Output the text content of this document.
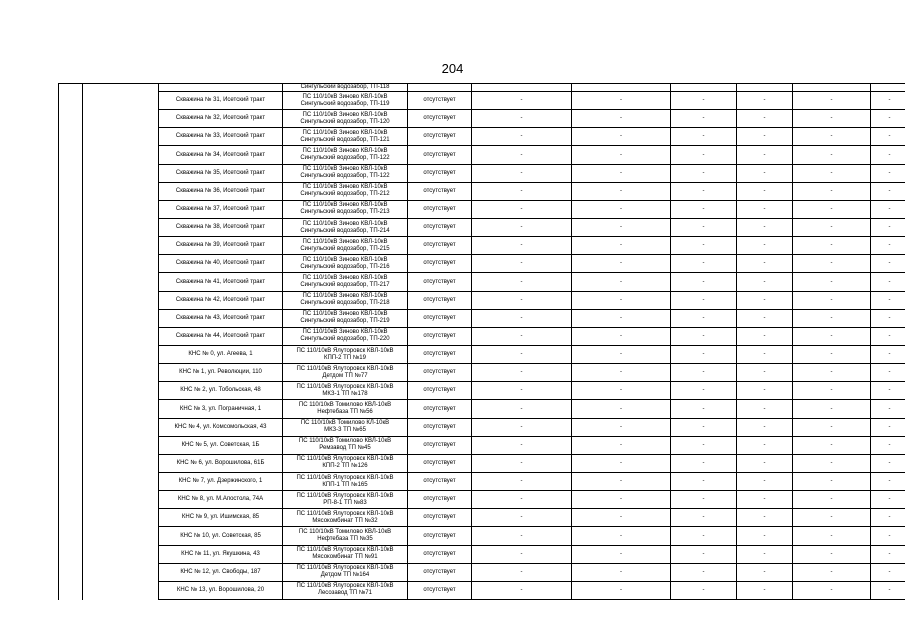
204

			Сингульский водозабор, ТП-118							

		Скважина № 31, Исетский тракт	ПС 110/10кВ Зиново КВЛ-10кВ
Сингульский водозабор, ТП-119	отсутствует	-	-	-	-	-	-
		Скважина № 32, Исетский тракт	ПС 110/10кВ Зиново КВЛ-10кВ
Сингульский водозабор, ТП-120	отсутствует	-	-	-	-	-	-
		Скважина № 33, Исетский тракт	ПС 110/10кВ Зиново КВЛ-10кВ
Сингульский водозабор, ТП-121	отсутствует	-	-	-	-	-	-
		Скважина № 34, Исетский тракт	ПС 110/10кВ Зиново КВЛ-10кВ
Сингульский водозабор, ТП-122	отсутствует	-	-	-	-	-	-
		Скважина № 35, Исетский тракт	ПС 110/10кВ Зиново КВЛ-10кВ
Сингульский водозабор, ТП-122	отсутствует	-	-	-	-	-	-
		Скважина № 36, Исетский тракт	ПС 110/10кВ Зиново КВЛ-10кВ
Сингульский водозабор, ТП-212	отсутствует	-	-	-	-	-	-
		Скважина № 37, Исетский тракт	ПС 110/10кВ Зиново КВЛ-10кВ
Сингульский водозабор, ТП-213	отсутствует	-	-	-	-	-	-
		Скважина № 38, Исетский тракт	ПС 110/10кВ Зиново КВЛ-10кВ
Сингульский водозабор, ТП-214	отсутствует	-	-	-	-	-	-
		Скважина № 39, Исетский тракт	ПС 110/10кВ Зиново КВЛ-10кВ
Сингульский водозабор, ТП-215	отсутствует	-	-	-	-	-	-
		Скважина № 40, Исетский тракт	ПС 110/10кВ Зиново КВЛ-10кВ
Сингульский водозабор, ТП-216	отсутствует	-	-	-	-	-	-
		Скважина № 41, Исетский тракт	ПС 110/10кВ Зиново КВЛ-10кВ
Сингульский водозабор, ТП-217	отсутствует	-	-	-	-	-	-
		Скважина № 42, Исетский тракт	ПС 110/10кВ Зиново КВЛ-10кВ
Сингульский водозабор, ТП-218	отсутствует	-	-	-	-	-	-
		Скважина № 43, Исетский тракт	ПС 110/10кВ Зиново КВЛ-10кВ
Сингульский водозабор, ТП-219	отсутствует	-	-	-	-	-	-
		Скважина № 44, Исетский тракт	ПС 110/10кВ Зиново КВЛ-10кВ
Сингульский водозабор, ТП-220	отсутствует	-	-	-	-	-	-
		КНС № 0, ул. Агеева, 1	ПС 110/10кВ Ялуторовск КВЛ-10кВ
КПП-2 ТП №19	отсутствует	-	-	-	-	-	-
		КНС № 1, ул. Революции, 110	ПС 110/10кВ Ялуторовск КВЛ-10кВ
Детдом ТП №77	отсутствует	-	-	-	-	-	-
		КНС № 2, ул. Тобольская, 48	ПС 110/10кВ Ялуторовск КВЛ-10кВ
МКЗ-1 ТП №178	отсутствует	-	-	-	-	-	-
		КНС № 3, ул. Пограничная, 1	ПС 110/10кВ Томилово КВЛ-10кВ
Нефтебаза ТП №56	отсутствует	-	-	-	-	-	-
		КНС № 4, ул. Комсомольская, 43	ПС 110/10кВ Томилово КЛ-10кВ
МКЗ-3 ТП №65	отсутствует	-	-	-	-	-	-
		КНС № 5, ул. Советская, 1Б	ПС 110/10кВ Томилово КВЛ-10кВ
Ремзавод ТП №45	отсутствует	-	-	-	-	-	-
		КНС № 6, ул. Ворошилова, 61Б	ПС 110/10кВ Ялуторовск КВЛ-10кВ
КПП-2 ТП №126	отсутствует	-	-	-	-	-	-
		КНС № 7, ул. Дзержинского, 1	ПС 110/10кВ Ялуторовск КВЛ-10кВ
КПП-1 ТП №165	отсутствует	-	-	-	-	-	-
		КНС № 8, ул. М.Апостола, 74А	ПС 110/10кВ Ялуторовск КВЛ-10кВ
РП-8-1 ТП №83	отсутствует	-	-	-	-	-	-
		КНС № 9, ул. Ишимская, 85	ПС 110/10кВ Ялуторовск КВЛ-10кВ
Мясокомбинат ТП №32	отсутствует	-	-	-	-	-	-
		КНС № 10, ул. Советская, 85	ПС 110/10кВ Томилово КВЛ-10кВ
Нефтебаза ТП №35	отсутствует	-	-	-	-	-	-
		КНС № 11, ул. Якушкина, 43	ПС 110/10кВ Ялуторовск КВЛ-10кВ
Мясокомбинат ТП №91	отсутствует	-	-	-	-	-	-
		КНС № 12, ул. Свободы, 187	ПС 110/10кВ Ялуторовск КВЛ-10кВ
Детдом ТП №164	отсутствует	-	-	-	-	-	-
		КНС № 13, ул. Ворошилова, 20	ПС 110/10кВ Ялуторовск КВЛ-10кВ
Лесозавод ТП №71	отсутствует	-	-	-	-	-	-
